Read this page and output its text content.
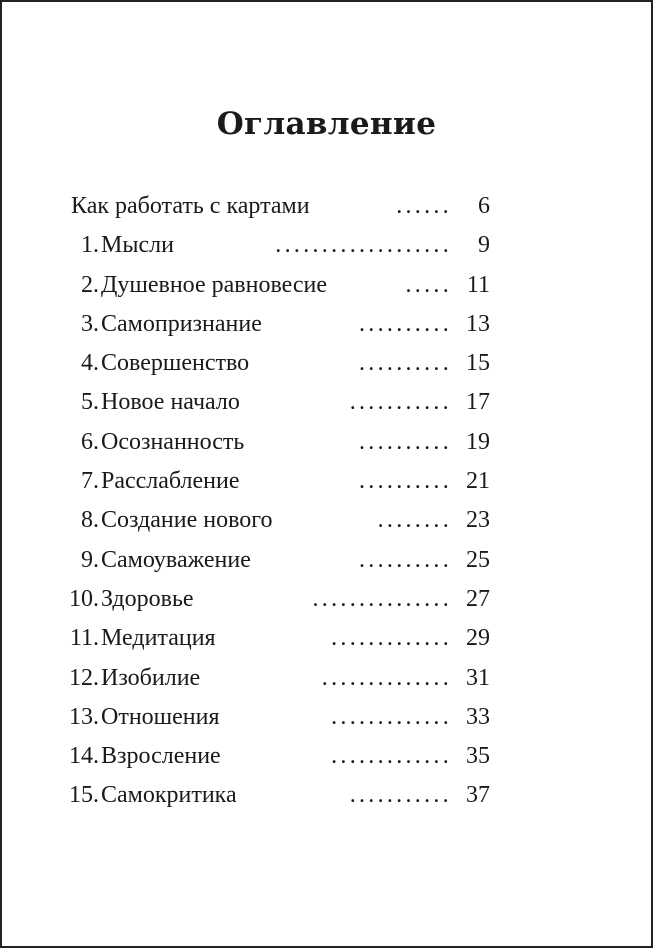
Оглавление
Как работать с картами	...... 6
1. Мысли	................... 9
2. Душевное равновесие	..... 11
3. Самопризнание	.......... 13
4. Совершенство	.......... 15
5. Новое начало	........... 17
6. Осознанность	.......... 19
7. Расслабление	.......... 21
8. Создание нового	........ 23
9. Самоуважение	.......... 25
10. Здоровье	............... 27
11. Медитация	............. 29
12. Изобилие	.............. 31
13. Отношения	............. 33
14. Взросление	............. 35
15. Самокритика	........... 37
